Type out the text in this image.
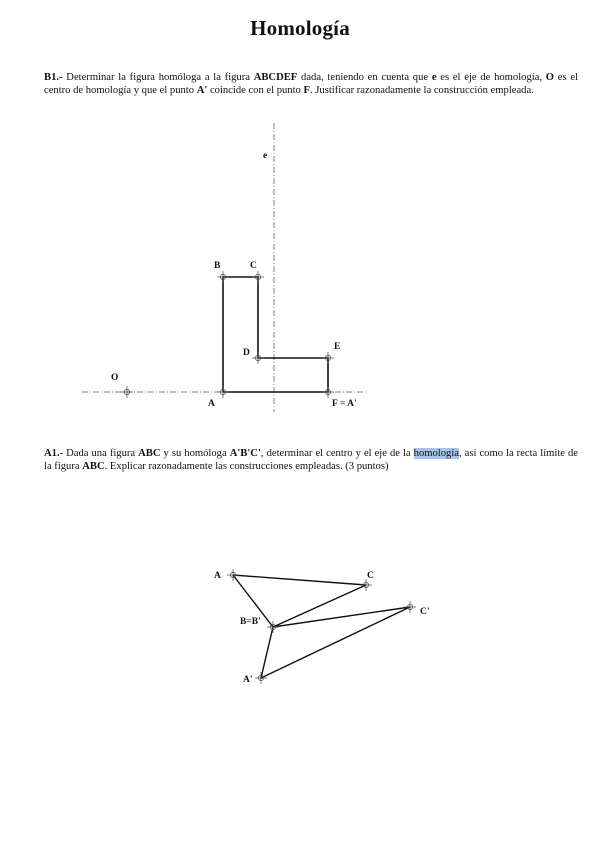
Homología
B1.- Determinar la figura homóloga a la figura ABCDEF dada, teniendo en cuenta que e es el eje de homología, O es el centro de homología y que el punto A' coincide con el punto F. Justificar razonadamente la construcción empleada.
A1.- Dada una figura ABC y su homóloga A'B'C', determinar el centro y el eje de la homología, así como la recta límite de la figura ABC. Explicar razonadamente las construcciones empleadas. (3 puntos)
e
B	C
D
E
O
A	F = A'
A	C
B=B'
C'
A'
